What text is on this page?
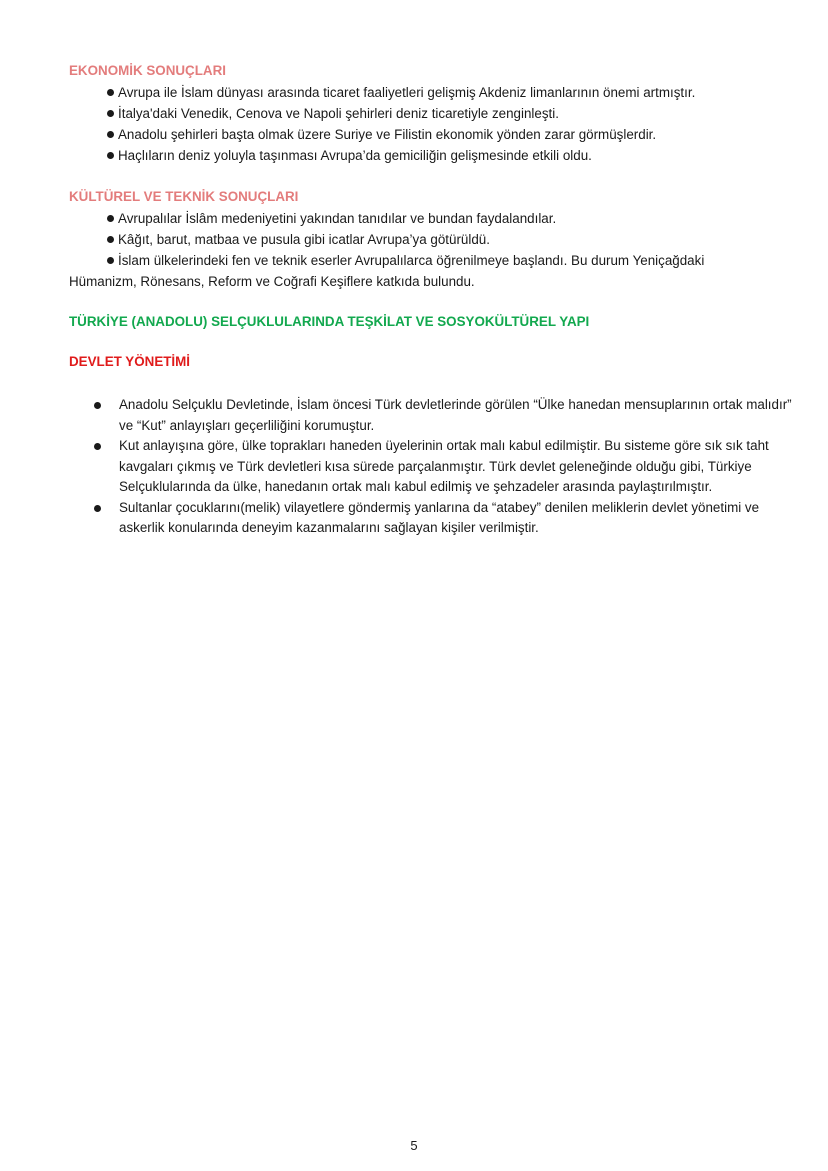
EKONOMİK SONUÇLARI
Avrupa ile İslam dünyası arasında ticaret faaliyetleri gelişmiş Akdeniz limanlarının önemi artmıştır.
İtalya'daki Venedik, Cenova ve Napoli şehirleri deniz ticaretiyle zenginleşti.
Anadolu şehirleri başta olmak üzere Suriye ve Filistin ekonomik yönden zarar görmüşlerdir.
Haçlıların deniz yoluyla taşınması Avrupa’da gemiciliğin gelişmesinde etkili oldu.
KÜLTÜREL VE TEKNİK SONUÇLARI
Avrupalılar İslâm medeniyetini yakından tanıdılar ve bundan faydalandılar.
Kâğıt, barut, matbaa ve pusula gibi icatlar Avrupa’ya götürüldü.
İslam ülkelerindeki fen ve teknik eserler Avrupalılarca öğrenilmeye başlandı. Bu durum Yeniçağdaki
Hümanizm, Rönesans, Reform ve Coğrafi Keşiflere katkıda bulundu.
TÜRKİYE (ANADOLU) SELÇUKLULARINDA TEŞKİLAT VE SOSYOKÜLTÜREL YAPI
DEVLET YÖNETİMİ
Anadolu Selçuklu Devletinde, İslam öncesi Türk devletlerinde görülen “Ülke hanedan mensuplarının ortak malıdır” ve “Kut” anlayışları geçerliliğini korumuştur.
Kut anlayışına göre, ülke toprakları haneden üyelerinin ortak malı kabul edilmiştir. Bu sisteme göre sık sık taht kavgaları çıkmış ve Türk devletleri kısa sürede parçalanmıştır. Türk devlet geleneğinde olduğu gibi, Türkiye Selçuklularında da ülke, hanedanın ortak malı kabul edilmiş ve şehzadeler arasında paylaştırılmıştır.
Sultanlar çocuklarını(melik) vilayetlere göndermiş yanlarına da “atabey” denilen meliklerin devlet yönetimi ve askerlik konularında deneyim kazanmalarını sağlayan kişiler verilmiştir.
5
